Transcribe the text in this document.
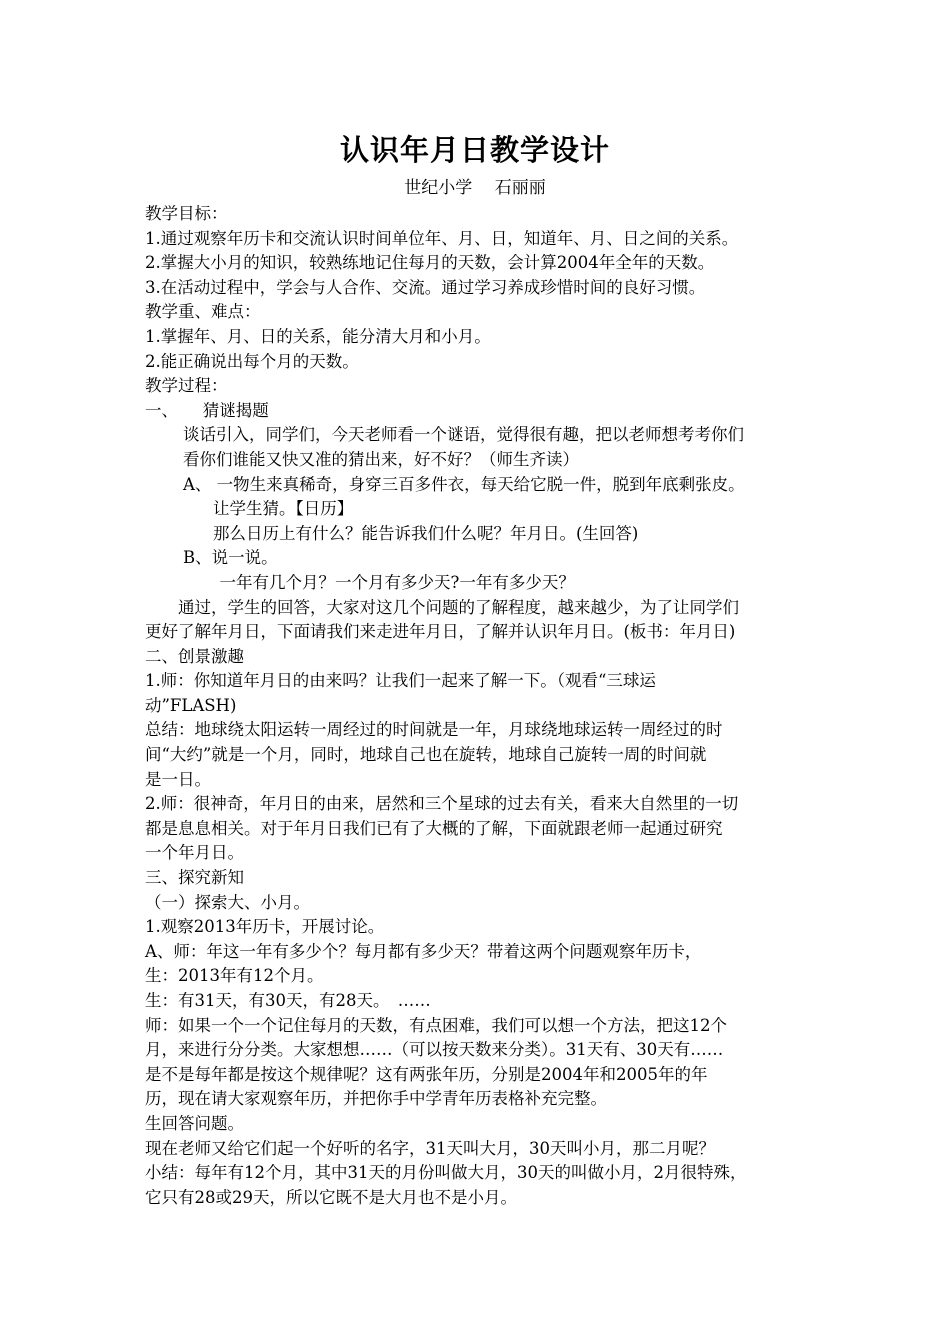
认识年月日教学设计
世纪小学　 石丽丽

教学目标：

1.通过观察年历卡和交流认识时间单位年、月、日，知道年、月、日之间的关系。

2.掌握大小月的知识，较熟练地记住每月的天数，会计算2004年全年的天数。

3.在活动过程中，学会与人合作、交流。通过学习养成珍惜时间的良好习惯。

教学重、难点：

1.掌握年、月、日的关系，能分清大月和小月。

2.能正确说出每个月的天数。

教学过程：

一、　　猜谜揭题

谈话引入，同学们，今天老师看一个谜语，觉得很有趣，把以老师想考考你们

看你们谁能又快又准的猜出来，好不好？（师生齐读）

A、 一物生来真稀奇，身穿三百多件衣，每天给它脱一件，脱到年底剩张皮。

让学生猜。【日历】

那么日历上有什么？能告诉我们什么呢？年月日。(生回答)

B、说一说。

　一年有几个月？一个月有多少天?一年有多少天？

　　通过，学生的回答，大家对这几个问题的了解程度，越来越少，为了让同学们

更好了解年月日，下面请我们来走进年月日，了解并认识年月日。(板书：年月日)

二、创景激趣

1.师：你知道年月日的由来吗？让我们一起来了解一下。（观看“三球运

动”FLASH)

总结：地球绕太阳运转一周经过的时间就是一年，月球绕地球运转一周经过的时

间“大约”就是一个月，同时，地球自己也在旋转，地球自己旋转一周的时间就

是一日。

2.师：很神奇，年月日的由来，居然和三个星球的过去有关，看来大自然里的一切

都是息息相关。对于年月日我们已有了大概的了解，下面就跟老师一起通过研究

一个年月日。

三、探究新知

（一）探索大、小月。

1.观察2013年历卡，开展讨论。

A、师：年这一年有多少个？每月都有多少天？带着这两个问题观察年历卡，

生：2013年有12个月。

生：有31天，有30天，有28天。　……

师：如果一个一个记住每月的天数，有点困难，我们可以想一个方法，把这12个

月，来进行分分类。大家想想……（可以按天数来分类）。31天有、30天有……

是不是每年都是按这个规律呢？这有两张年历，分别是2004年和2005年的年

历，现在请大家观察年历，并把你手中学青年历表格补充完整。

生回答问题。

现在老师又给它们起一个好听的名字，31天叫大月，30天叫小月，那二月呢？

小结：每年有12个月，其中31天的月份叫做大月，30天的叫做小月，2月很特殊，

它只有28或29天，所以它既不是大月也不是小月。
